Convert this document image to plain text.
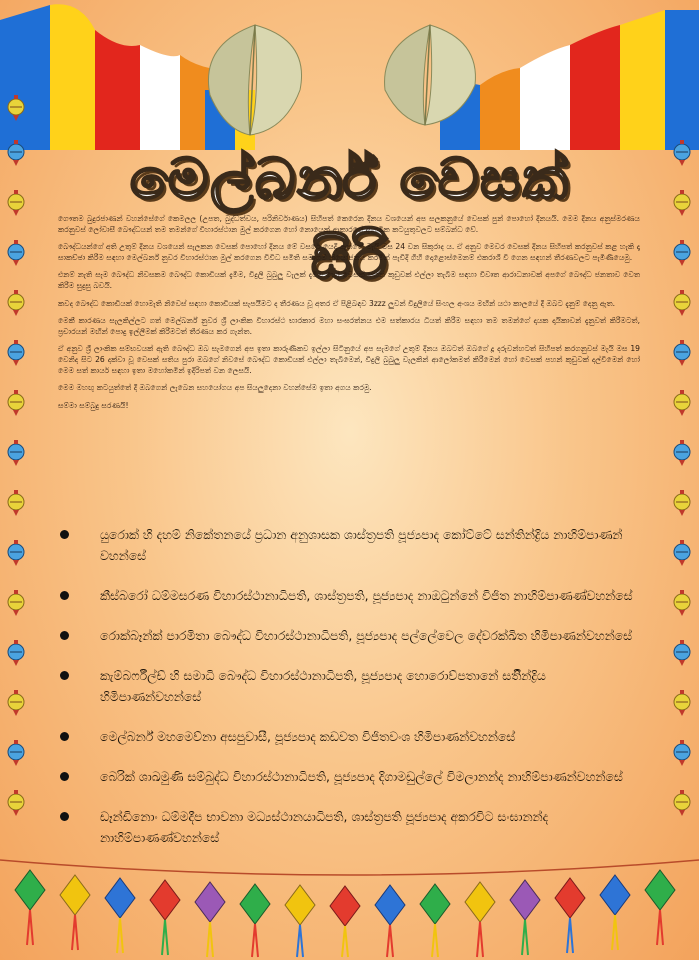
මෙල්බර්න් වෙසක් සිරි

ගෞතම බුදුරජාණන් වහන්සේගේ කෙමලල (උපත, බුද්ධත්වය, පරිනිර්වාණය) සිහිපත් කෙරෙන දිනය වශයෙන් අප සලකනුයේ වෙසක් පුන් පොහෝ දිනයයි. මෙම දිනය අනුස්මරණය කරනුවස් ලෝවාසී බෞද්ධයන් තම තමන්ගේ විහාරස්ථාන මුල් කරගෙන හෝ නොයෙක් ආකාරයේ ආගමික කටයුතුවලට සම්බන්ධ වේ.

බෞද්ධයන්ගේ අති උතුම් දිනය වශයෙන් සැලකන වෙසක් පොහෝ දිනය මේ වසරේ යෙදී ඇත්තේ මැයි මස 24 වන සිකුරාද ය. ඒ අනුව මෙවර වෙසක් දිනය සිහිපත් කරනුවස් කළ හැකි දෑ සාකච්ඡා කිරීම සඳහා මෙල්බර්න් නුවර විහාරස්ථාන මුල් කරගෙන විවිධ සමිති සමාගම් නියෝජනය කරමින් පැවිදි ගිහි දොළොස්මෙනම් එකරාශී වී ගෙන සඳහන් තීරණවලට පැමිණියෙමු.

එනම් නැති සෑම බෞද්ධ නිවසකම බෞද්ධ කොඩියක් දැමීම, විදුලි බුබුලු වැලක් දැමීම හෝ වෙසක් පහන් කුඩුවක් එල්ලා තැබීම සඳහා විවෘත ආරාධනාවක් අපගේ බෞද්ධ ජනතාව වෙත කිරීම සුදුසු බවයි.

කවද බෞද්ධ කොඩියක් හොමැති නිවෙස් සඳහා කොඩියක් සැපයීමට ද තීරණය වූ අතර ඒ පිළිබඳව 3zzz ලුවන් විදුලියේ සිංහල අංශය මඟින් යථා කාලයේ දී ඔබට දැනුම් දෙනු ඇත.

මෙකී කාරණය සැලකිල්ලට ගත් මෙල්බර්න් නුවර ශ්‍රී ලාංකික විහාරස්ථ භාරකාර මහා සංඝරත්නය එම සත්කාරය ධියත් කිරීම සඳහා තම තමන්ගේ දායක දායිකාවන් දැනුවත් කිරීමටත්, ප්‍රචාරයන් මඟින් පොදු ඉල්ලීමක් කිරීමටත් තීරණය කර ගැන්ත.

ඒ අනුව ශ්‍රී ලාංකික සම්භවයක් ඇති බෞද්ධ ඔබ සැමගෙන් අප ඉතා කාරුණිකව ඉල්ලා සිටිනුයේ අප සැමගේ උතුම් දිනය ඔබටත් ඔබගේ දූ දරුවන්හටත් සිහිපත් කරගනුවස් මැයි මස 19 වෙනිද සිට 26 දක්වා වූ වෙසක් සතිය පුරා ඔබගේ නිවසේ බෞද්ධ කොඩියක් එල්ලා තැබීමෙන්, විදුලි බුබුලු වැලකින් ආලෝකමත් කිරීමෙන් හෝ වෙසක් පහන් කුඩුවක් දල්වීමෙන් හෝ මෙම සත් කාර්ය සඳහා ඉතා මහෝකමින් ඉදිරිපත් වන ලෙසයි.

මෙම මහඟු කටයුත්තේ දී ඔබගෙන් ලැබෙන සහයෝගය අප සියලුදෙනා වහන්සේම ඉතා අගය කරමු.

සම්මා සම්බුදු සරණයි!

යුරොක් හි දහම් නිකේතනයේ ප්‍රධාන අනුශාසක ශාස්ත්‍රපති පූජ්‍යපාද කෝට්ටේ සන්තින්ද්‍රිය නාහිම්පාණන් වහන්සේ
කීස්බරෝ ධම්මසරණ විහාරස්ථානාධිපති, ශාස්ත්‍රපති, පූජ්‍යපාද නාඔටුන්නේ විජිත නාහිම්පාණණ්වහන්සේ
රොක්බෑන්ක් පාරමිතා බෞද්ධ විහාරස්ථානාධිපති, පූජ්‍යපාද පල්ලේවෙල දේවරක්ඛිත හිමිපාණන්වහන්සේ
කැම්බර්ෆීල්ඩ් හි සමාධි බෞද්ධ විහාරස්ථානාධිපති, පූජ්‍යපාද හොරොව්පතානේ සතිින්ද්‍රිය හිමිපාණන්වහන්සේ
මෙල්බර්න් මහමෙව්නා අසපුවාසී, පූජ්‍යපාද කඩවත විජිතවංශ හිමිපාණන්වහන්සේ
බෙරික් ශාඛමුණි සම්බුද්ධ විහාරස්ථානාධිපති, පූජ්‍යපාද දිගාමඩුල්ලේ විමලානන්ද නාහිම්පාණන්වහන්සේ
ඩෑන්ඩිනොං ධම්මදීප භාවනා මධ්‍යස්ථානයාධිපති, ශාස්ත්‍රපති පූජ්‍යපාද අකරවිට සංඝානන්ද නාහිම්පාණණ්වහන්සේ
